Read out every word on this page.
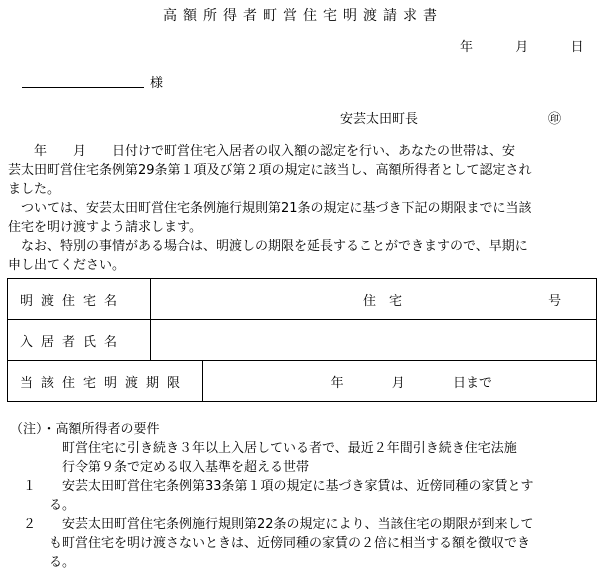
高額所得者町営住宅明渡請求書
年	月	日
様
安芸太田町長	㊞

　　年　　月　　日付けで町営住宅入居者の収入額の認定を行い、あなたの世帯は、安

芸太田町営住宅条例第29条第１項及び第２項の規定に該当し、高額所得者として認定され

ました。

　ついては、安芸太田町営住宅条例施行規則第21条の規定に基づき下記の期限までに当該

住宅を明け渡すよう請求します。

　なお、特別の事情がある場合は、明渡しの期限を延長することができますので、早期に

申し出てください。

明渡住宅名	住　宅 号	
入居者氏名		
当該住宅明渡期限		年 月 日まで

（注）・高額所得者の要件

　　　　町営住宅に引き続き３年以上入居している者で、最近２年間引き続き住宅法施

　　　　行令第９条で定める収入基準を超える世帯

　１　　安芸太田町営住宅条例第33条第１項の規定に基づき家賃は、近傍同種の家賃とす

　　　る。

　２　　安芸太田町営住宅条例施行規則第22条の規定により、当該住宅の期限が到来して

　　　も町営住宅を明け渡さないときは、近傍同種の家賃の２倍に相当する額を徴収でき

　　　る。
